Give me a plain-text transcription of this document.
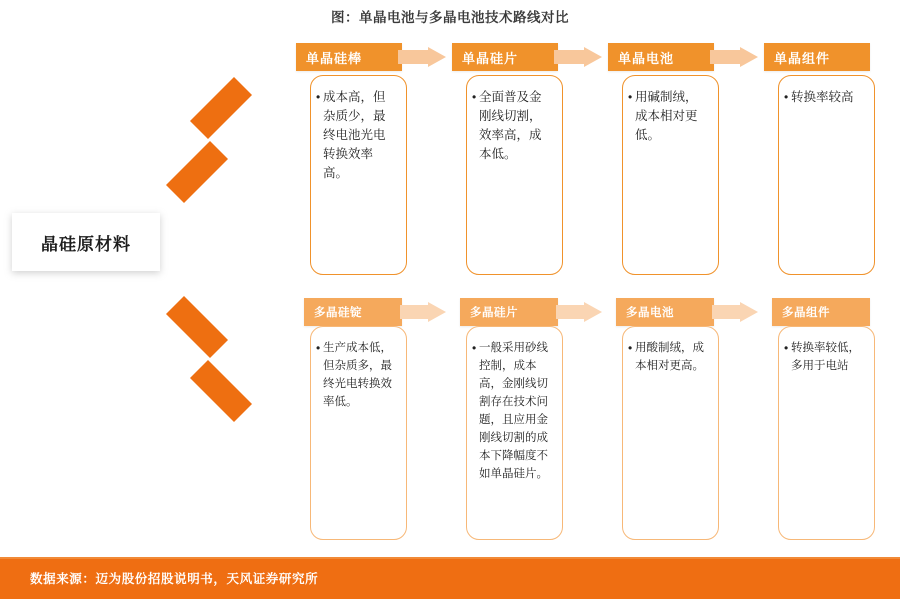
图：单晶电池与多晶电池技术路线对比
晶硅原材料
单晶硅棒	单晶硅片	单晶电池	单晶组件
• 成本高，但杂质少，最终电池光电转换效率高。
• 全面普及金刚线切割，效率高，成本低。
• 用碱制绒，成本相对更低。
• 转换率较高
多晶硅锭	多晶硅片	多晶电池	多晶组件
• 生产成本低，但杂质多，最终光电转换效率低。
• 一般采用砂线控制，成本高，金刚线切割存在技术问题，且应用金刚线切割的成本下降幅度不如单晶硅片。
• 用酸制绒，成本相对更高。
• 转换率较低，多用于电站
数据来源：迈为股份招股说明书，天风证券研究所
